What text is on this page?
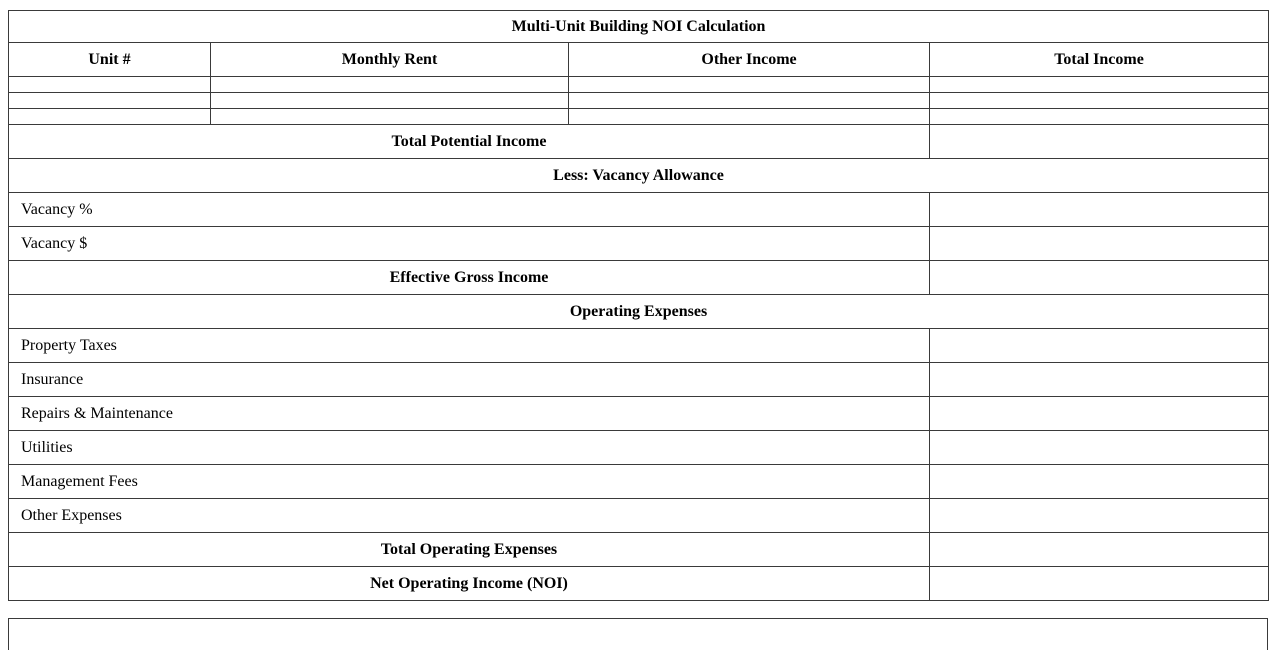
Multi-Unit Building NOI Calculation			
Unit #	Monthly Rent	Other Income	Total Income

Total Potential Income			
Less: Vacancy Allowance			
Vacancy %			
Vacancy $			
Effective Gross Income			
Operating Expenses			
Property Taxes			
Insurance			
Repairs & Maintenance			
Utilities			
Management Fees			
Other Expenses			
Total Operating Expenses			
Net Operating Income (NOI)			
